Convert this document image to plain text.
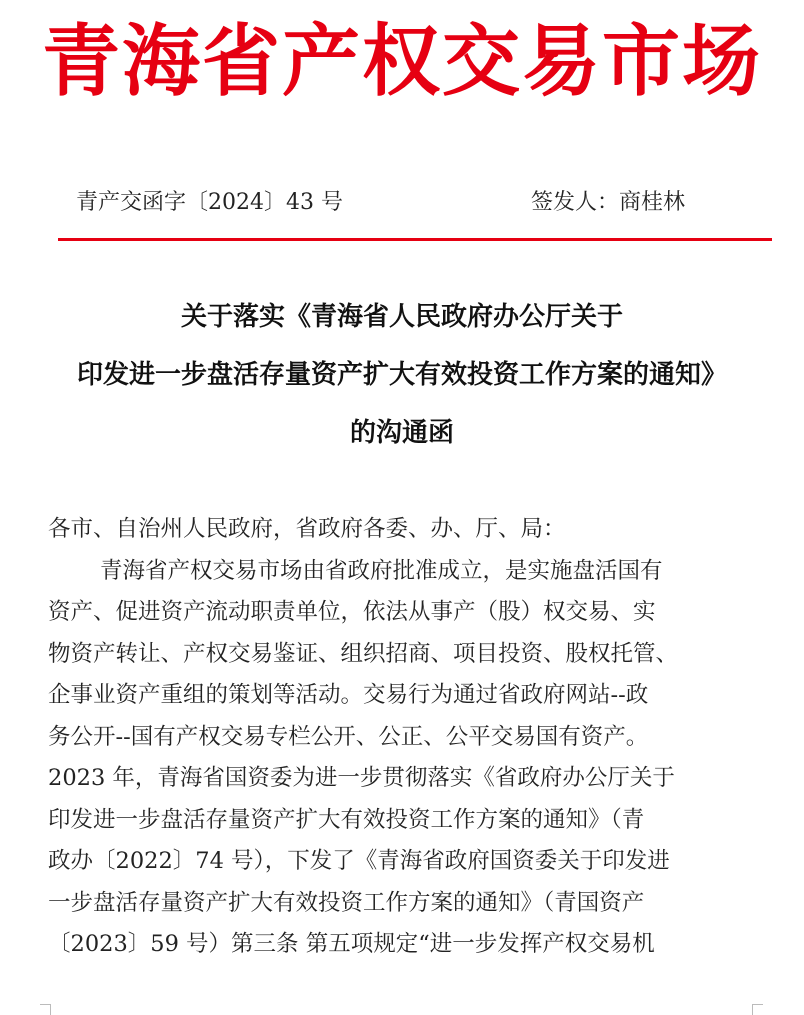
青海省产权交易市场
青产交函字〔2024〕43 号	签发人：商桂林
关于落实《青海省人民政府办公厅关于
印发进一步盘活存量资产扩大有效投资工作方案的通知》
的沟通函
各市、自治州人民政府，省政府各委、办、厅、局：
青海省产权交易市场由省政府批准成立，是实施盘活国有
资产、促进资产流动职责单位，依法从事产（股）权交易、实
物资产转让、产权交易鉴证、组织招商、项目投资、股权托管、
企事业资产重组的策划等活动。交易行为通过省政府网站--政
务公开--国有产权交易专栏公开、公正、公平交易国有资产。
2023 年，青海省国资委为进一步贯彻落实《省政府办公厅关于
印发进一步盘活存量资产扩大有效投资工作方案的通知》（青
政办〔2022〕74 号），下发了《青海省政府国资委关于印发进
一步盘活存量资产扩大有效投资工作方案的通知》（青国资产
〔2023〕59 号）第三条 第五项规定“进一步发挥产权交易机
